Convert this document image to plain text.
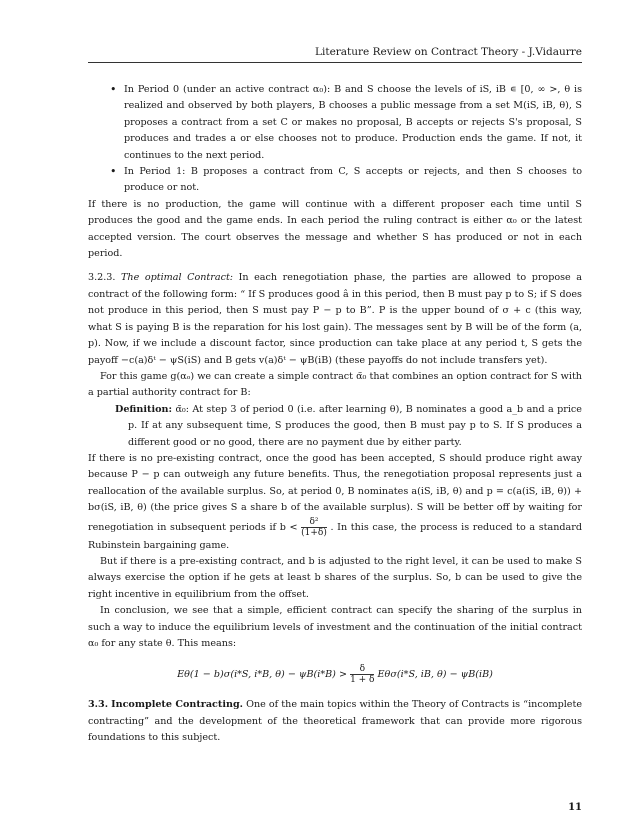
Literature Review on Contract Theory - J.Vidaurre
• In Period 0 (under an active contract α₀): B and S choose the levels of iS, iB ∊ [0, ∞ >, θ is realized and observed by both players, B chooses a public message from a set M(iS, iB, θ), S proposes a contract from a set C or makes no proposal, B accepts or rejects S's proposal, S produces and trades a or else chooses not to produce. Production ends the game. If not, it continues to the next period.
• In Period 1: B proposes a contract from C, S accepts or rejects, and then S chooses to produce or not.

If there is no production, the game will continue with a different proposer each time until S produces the good and the game ends. In each period the ruling contract is either α₀ or the latest accepted version. The court observes the message and whether S has produced or not in each period.

3.2.3. The optimal Contract: In each renegotiation phase, the parties are allowed to propose a contract of the following form: “ If S produces good â in this period, then B must pay p to S; if S does not produce in this period, then S must pay P − p to B”. P is the upper bound of σ + c (this way, what S is paying B is the reparation for his lost gain). The messages sent by B will be of the form (a, p). Now, if we include a discount factor, since production can take place at any period t, S gets the payoff −c(a)δᵗ − ψS(iS) and B gets v(a)δᵗ − ψB(iB) (these payoffs do not include transfers yet).

For this game g(αₒ) we can create a simple contract α̃₀ that combines an option contract for S with a partial authority contract for B:

Definition: α̃₀: At step 3 of period 0 (i.e. after learning θ), B nominates a good a_b and a price p. If at any subsequent time, S produces the good, then B must pay p to S. If S produces a different good or no good, there are no payment due by either party.

If there is no pre-existing contract, once the good has been accepted, S should produce right away because P − p can outweigh any future benefits. Thus, the renegotiation proposal represents just a reallocation of the available surplus. So, at period 0, B nominates a(iS, iB, θ) and p = c(a(iS, iB, θ)) + bσ(iS, iB, θ) (the price gives S a share b of the available surplus). S will be better off by waiting for renegotiation in subsequent periods if $b < \frac{\text{δ²}}{(1+\delta)}$ . In this case, the process is reduced to a standard Rubinstein bargaining game.

But if there is a pre-existing contract, and b is adjusted to the right level, it can be used to make S always exercise the option if he gets at least b shares of the surplus. So, b can be used to give the right incentive in equilibrium from the offset.

In conclusion, we see that a simple, efficient contract can specify the sharing of the surplus in such a way to induce the equilibrium levels of investment and the continuation of the initial contract α₀ for any state θ. This means:

Eθ(1 − b)σ(i*S, i*B, $\theta) - \psi B(i*B) > \frac{\delta}{1 + \delta} E\theta\sigma(i*S$, iB, θ) − ψB(iB)

3.3. Incomplete Contracting. One of the main topics within the Theory of Contracts is “incomplete contracting” and the development of the theoretical framework that can provide more rigorous foundations to this subject.

11
